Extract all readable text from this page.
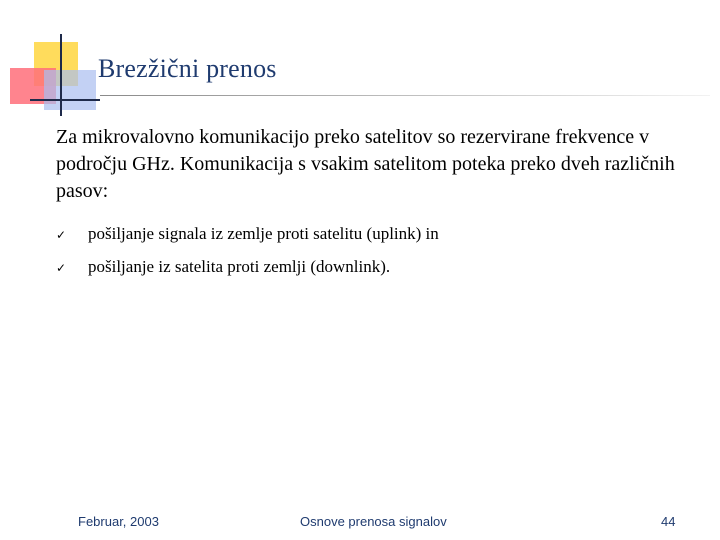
Brezžični prenos
Za mikrovalovno komunikacijo preko satelitov so rezervirane frekvence v področju GHz. Komunikacija s vsakim satelitom poteka preko dveh različnih pasov:
✓	pošiljanje signala iz zemlje proti satelitu (uplink) in
✓	pošiljanje iz satelita proti zemlji (downlink).
Februar, 2003	Osnove prenosa signalov	44
